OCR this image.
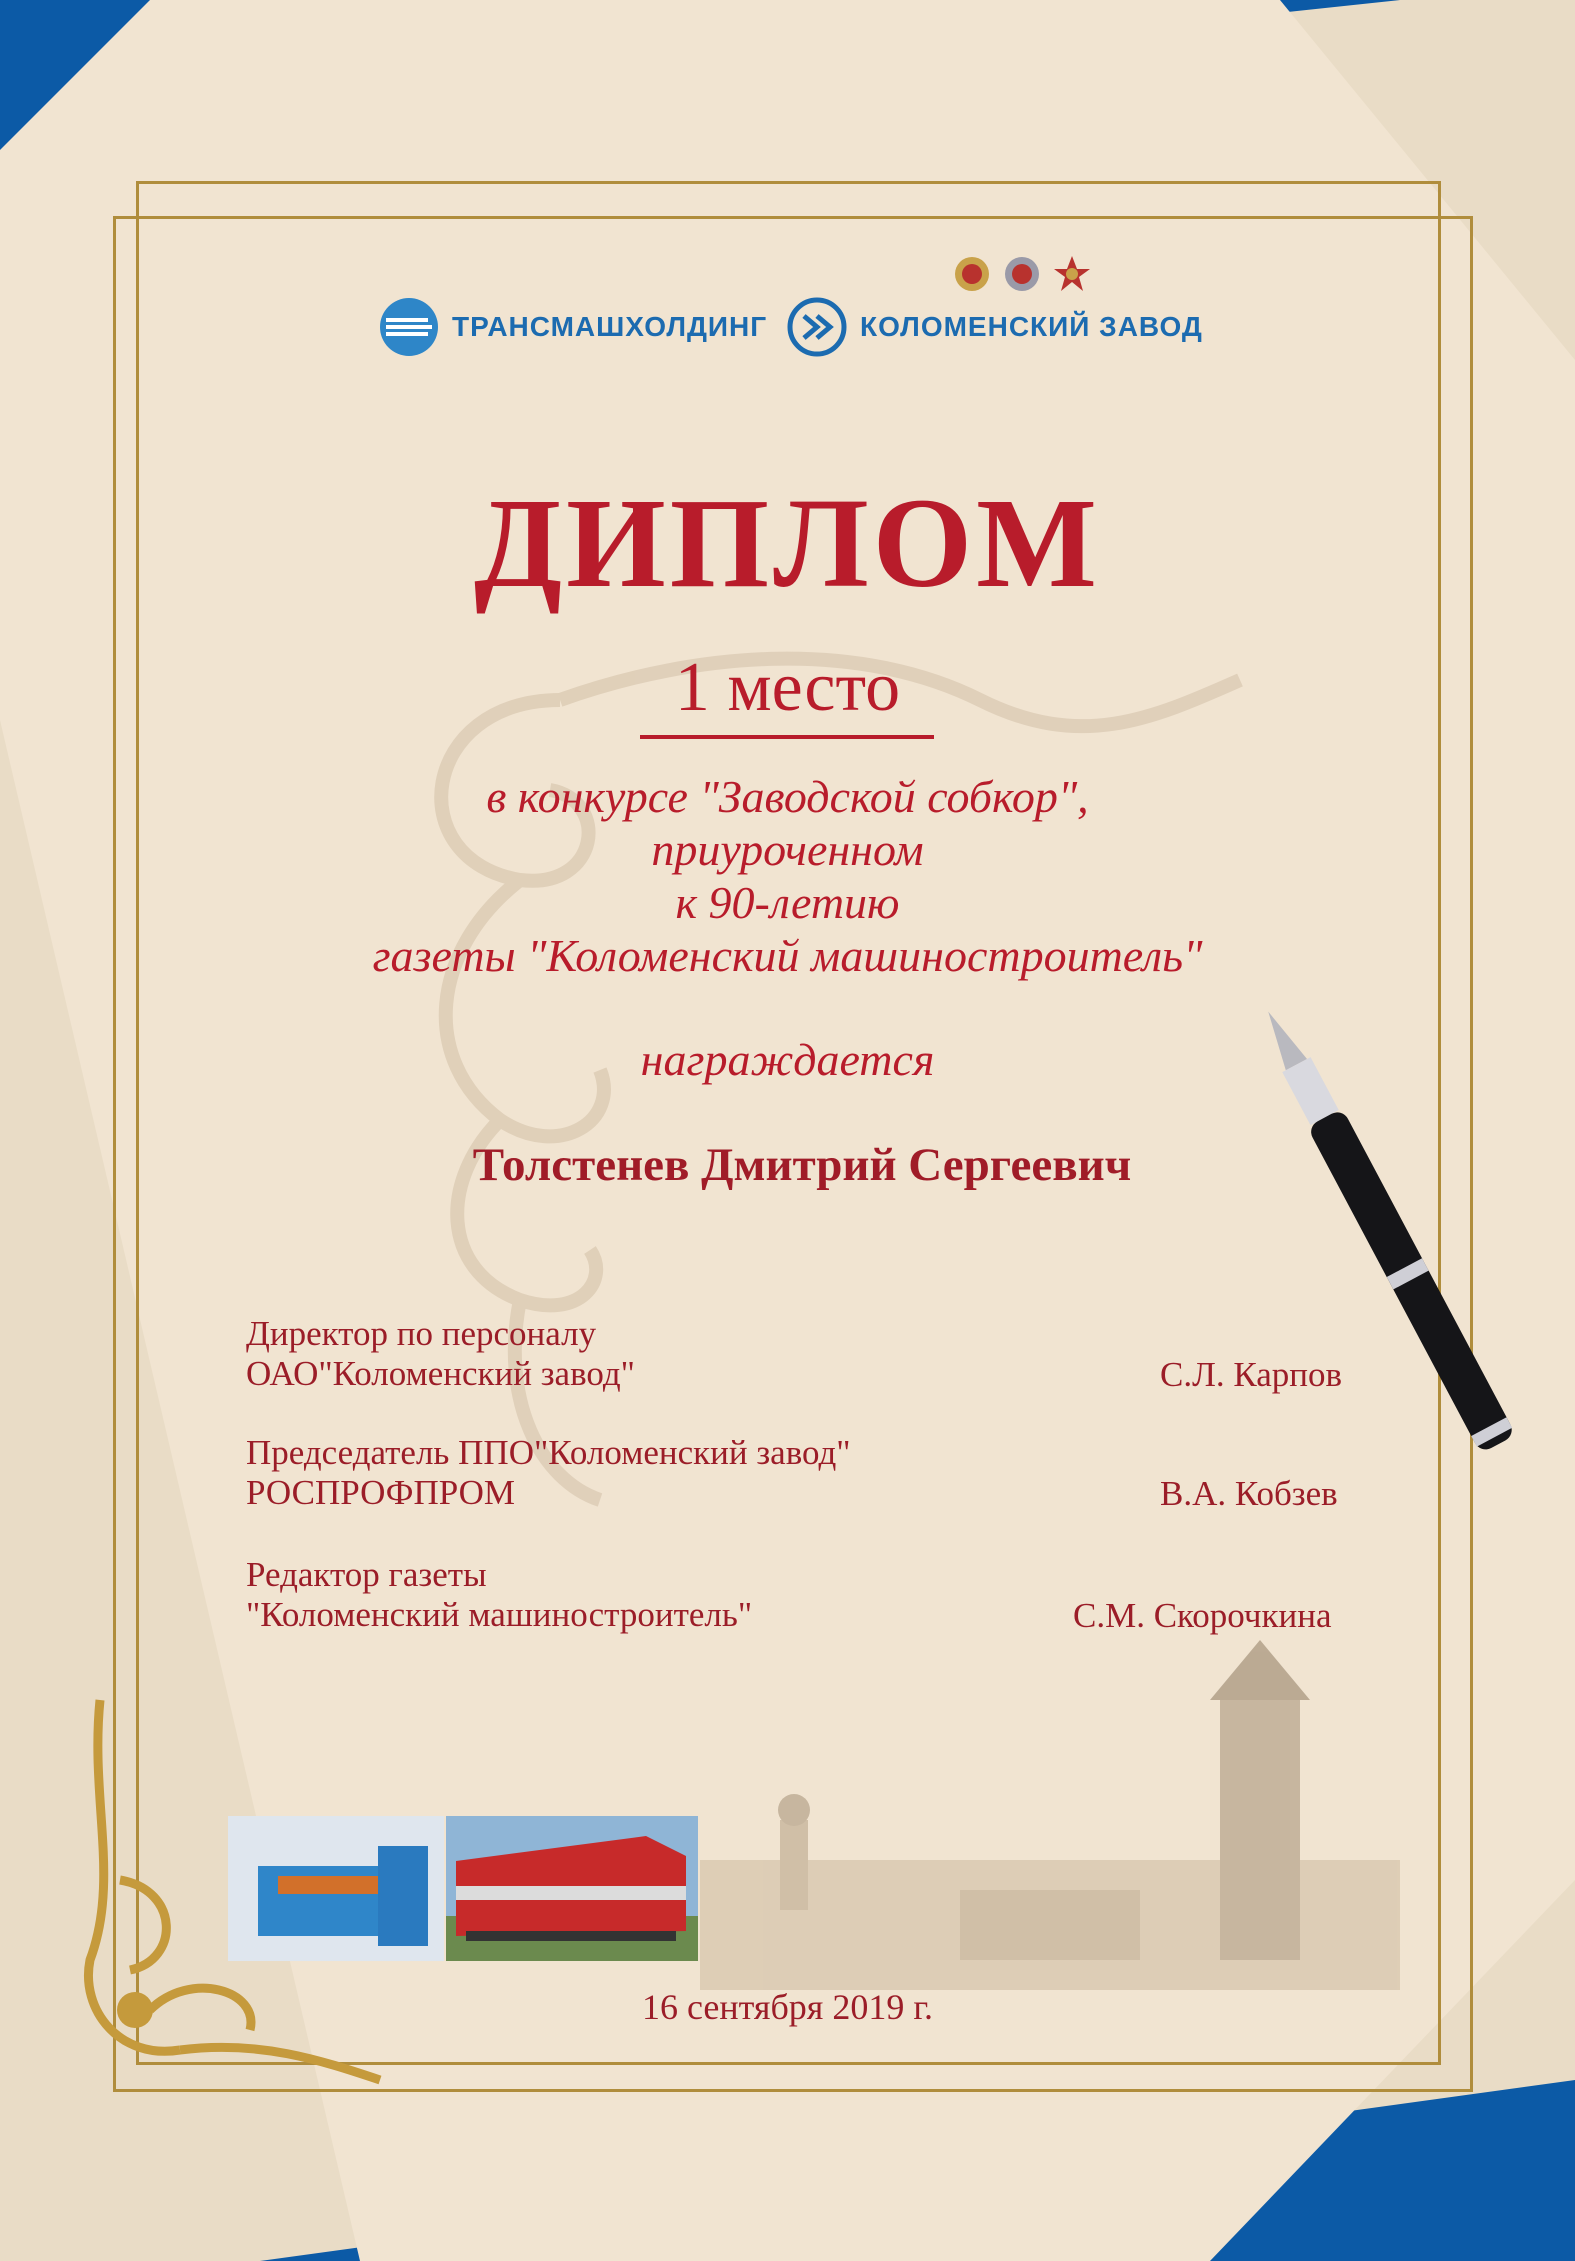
ТРАНСМАШХОЛДИНГ	КОЛОМЕНСКИЙ ЗАВОД
ДИПЛОМ
1 место
в конкурсе "Заводской собкор",
приуроченном
к 90-летию
газеты "Коломенский машиностроитель"
награждается
Толстенев Дмитрий Сергеевич
Директор по персоналу
ОАО"Коломенский завод"	С.Л. Карпов
Председатель ППО"Коломенский завод"
РОСПРОФПРОМ	В.А. Кобзев
Редактор газеты
"Коломенский машиностроитель"	С.М. Скорочкина
16 сентября 2019 г.
